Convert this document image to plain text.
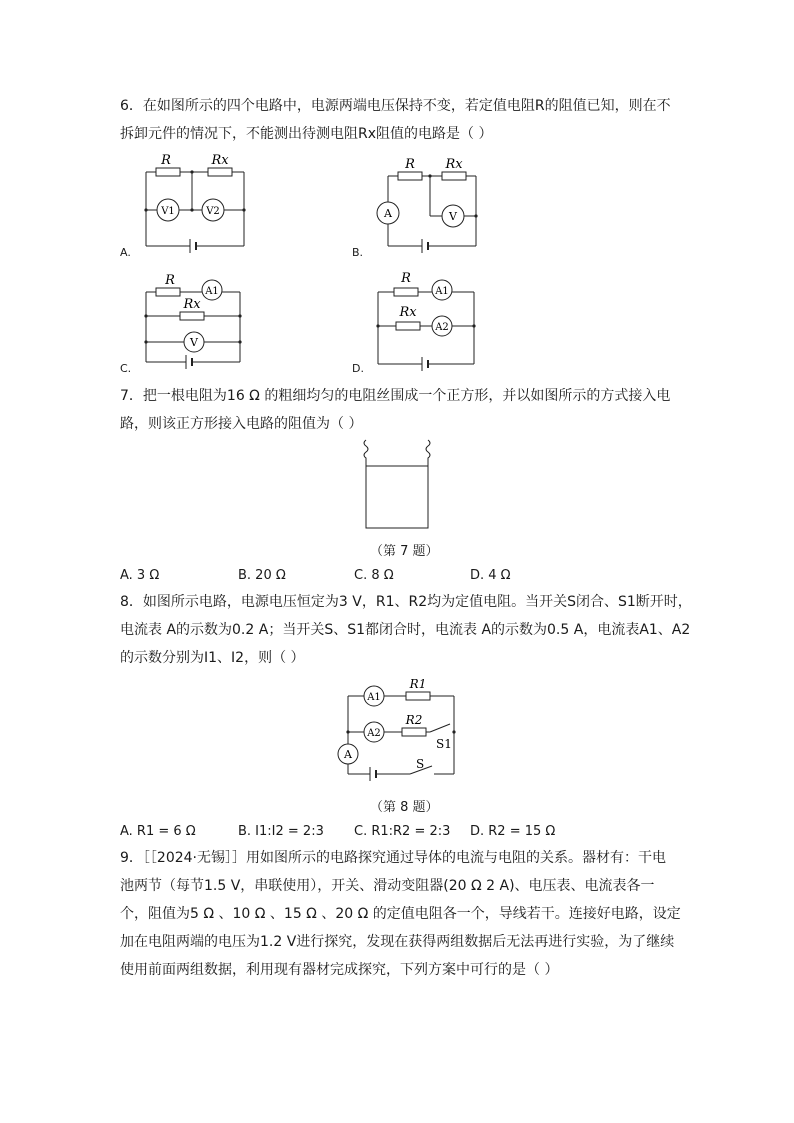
6．在如图所示的四个电路中，电源两端电压保持不变，若定值电阻R的阻值已知，则在不
拆卸元件的情况下，不能测出待测电阻Rx阻值的电路是（ ）
R	Rx
V1	V2
A.
R Rx
A	V
B.
R
Rx
A1
V
C.
R
Rx
A1
A2
D.
7．把一根电阻为16 Ω 的粗细均匀的电阻丝围成一个正方形，并以如图所示的方式接入电
路，则该正方形接入电路的阻值为（ ）
（第 7 题）
A. 3 Ω	B. 20 Ω	C. 8 Ω	D. 4 Ω
8．如图所示电路，电源电压恒定为3 V，R1、R2均为定值电阻。当开关S闭合、S1断开时，
电流表 A的示数为0.2 A；当开关S、S1都闭合时，电流表 A的示数为0.5 A，电流表A1、A2
的示数分别为I1、I2，则（ ）
R1
R2
A1
A2
A
S1
S
（第 8 题）
A. R1 = 6 Ω	B. I1:I2 = 2:3 C. R1:R2 = 2:3 D. R2 = 15 Ω
9．［［2024·无锡］］用如图所示的电路探究通过导体的电流与电阻的关系。器材有：干电
池两节（每节1.5 V，串联使用），开关、滑动变阻器(20 Ω 2 A)、电压表、电流表各一
个，阻值为5 Ω 、10 Ω 、15 Ω 、20 Ω 的定值电阻各一个，导线若干。连接好电路，设定
加在电阻两端的电压为1.2 V进行探究，发现在获得两组数据后无法再进行实验，为了继续
使用前面两组数据，利用现有器材完成探究，下列方案中可行的是（ ）
